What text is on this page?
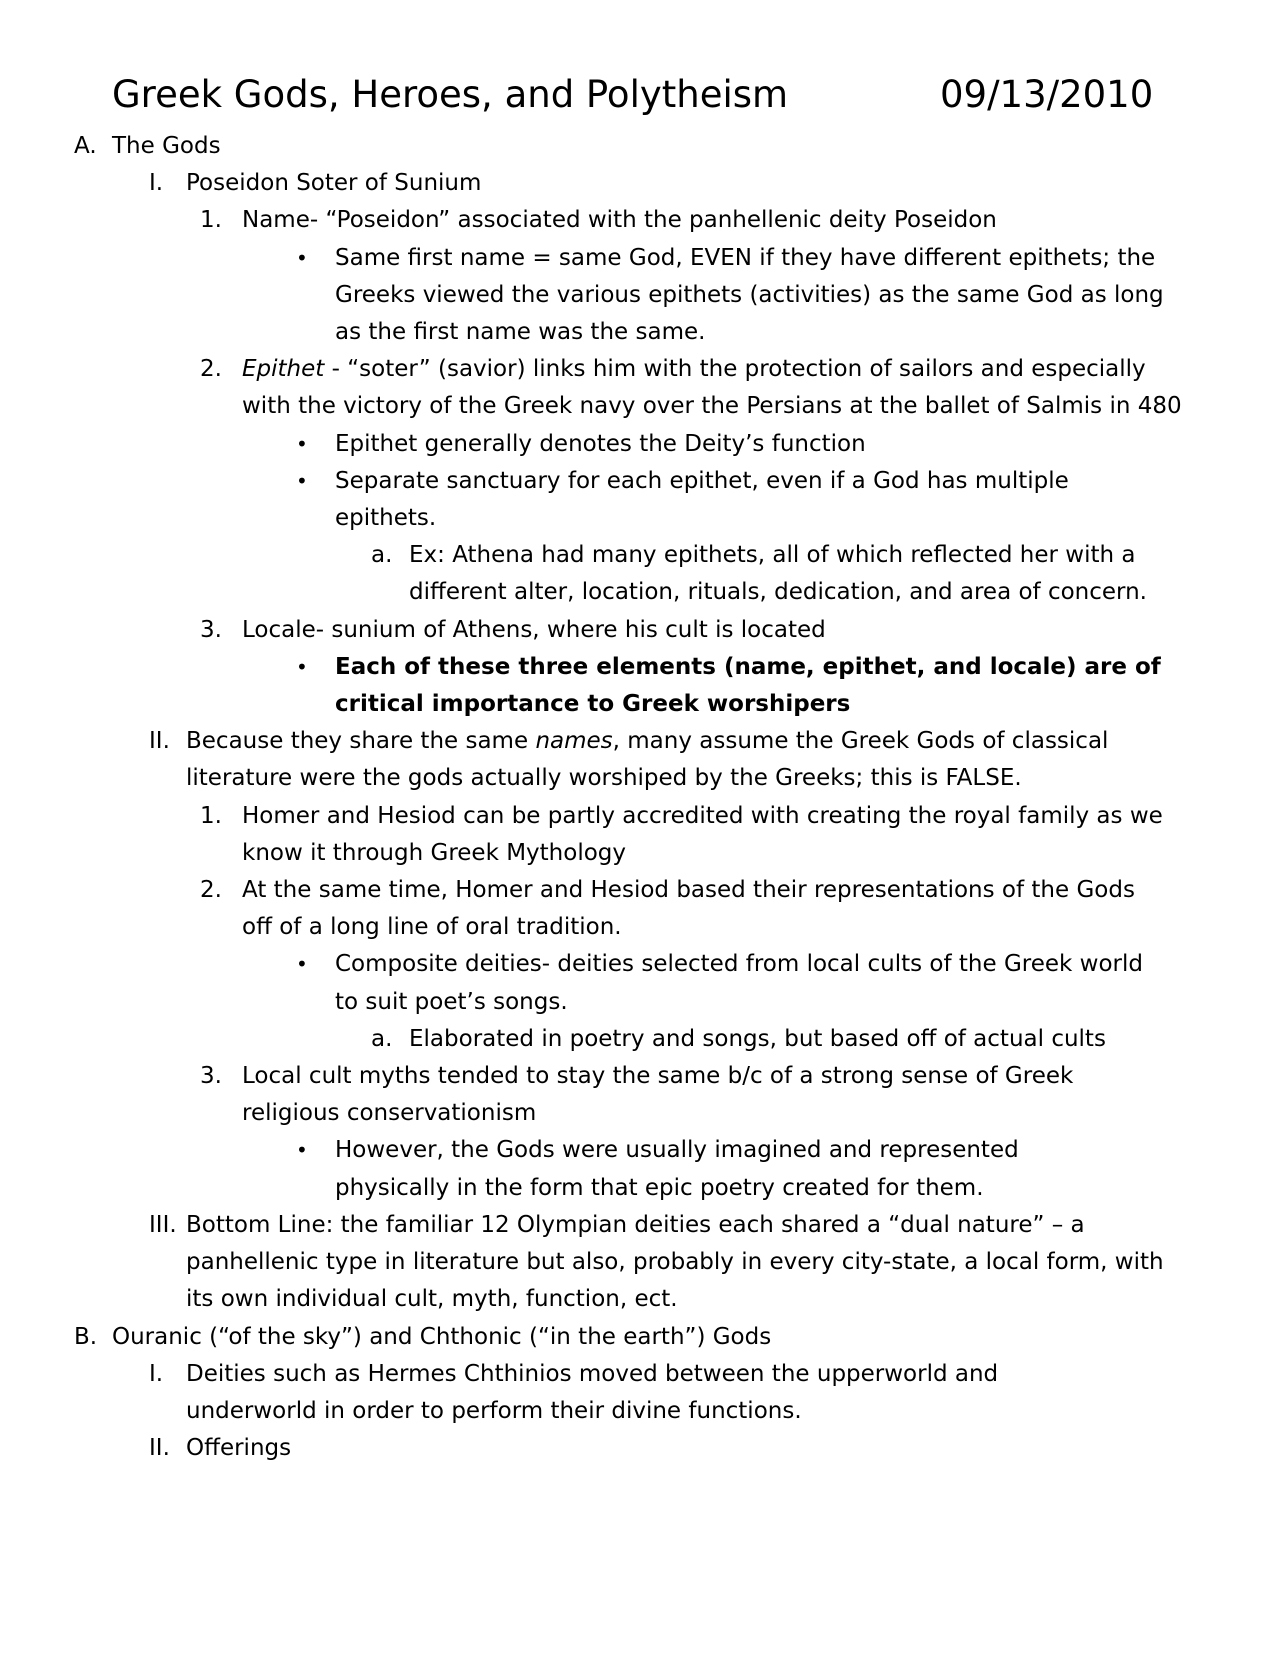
Greek Gods, Heroes, and Polytheism	09/13/2010
A. The Gods
I. Poseidon Soter of Sunium
1. Name- “Poseidon” associated with the panhellenic deity Poseidon
• Same first name = same God, EVEN if they have different epithets; the Greeks viewed the various epithets (activities) as the same God as long as the first name was the same.
2. Epithet - “soter” (savior) links him with the protection of sailors and especially with the victory of the Greek navy over the Persians at the ballet of Salmis in 480
• Epithet generally denotes the Deity’s function
• Separate sanctuary for each epithet, even if a God has multiple epithets.
a. Ex: Athena had many epithets, all of which reflected her with a different alter, location, rituals, dedication, and area of concern.
3. Locale- sunium of Athens, where his cult is located
• Each of these three elements (name, epithet, and locale) are of critical importance to Greek worshipers
II. Because they share the same names, many assume the Greek Gods of classical literature were the gods actually worshiped by the Greeks; this is FALSE.
1. Homer and Hesiod can be partly accredited with creating the royal family as we know it through Greek Mythology
2. At the same time, Homer and Hesiod based their representations of the Gods off of a long line of oral tradition.
• Composite deities- deities selected from local cults of the Greek world to suit poet’s songs.
a. Elaborated in poetry and songs, but based off of actual cults
3. Local cult myths tended to stay the same b/c of a strong sense of Greek religious conservationism
• However, the Gods were usually imagined and represented physically in the form that epic poetry created for them.
III. Bottom Line: the familiar 12 Olympian deities each shared a “dual nature” – a panhellenic type in literature but also, probably in every city-state, a local form, with its own individual cult, myth, function, ect.
B. Ouranic (“of the sky”) and Chthonic (“in the earth”) Gods
I. Deities such as Hermes Chthinios moved between the upperworld and underworld in order to perform their divine functions.
II. Offerings
